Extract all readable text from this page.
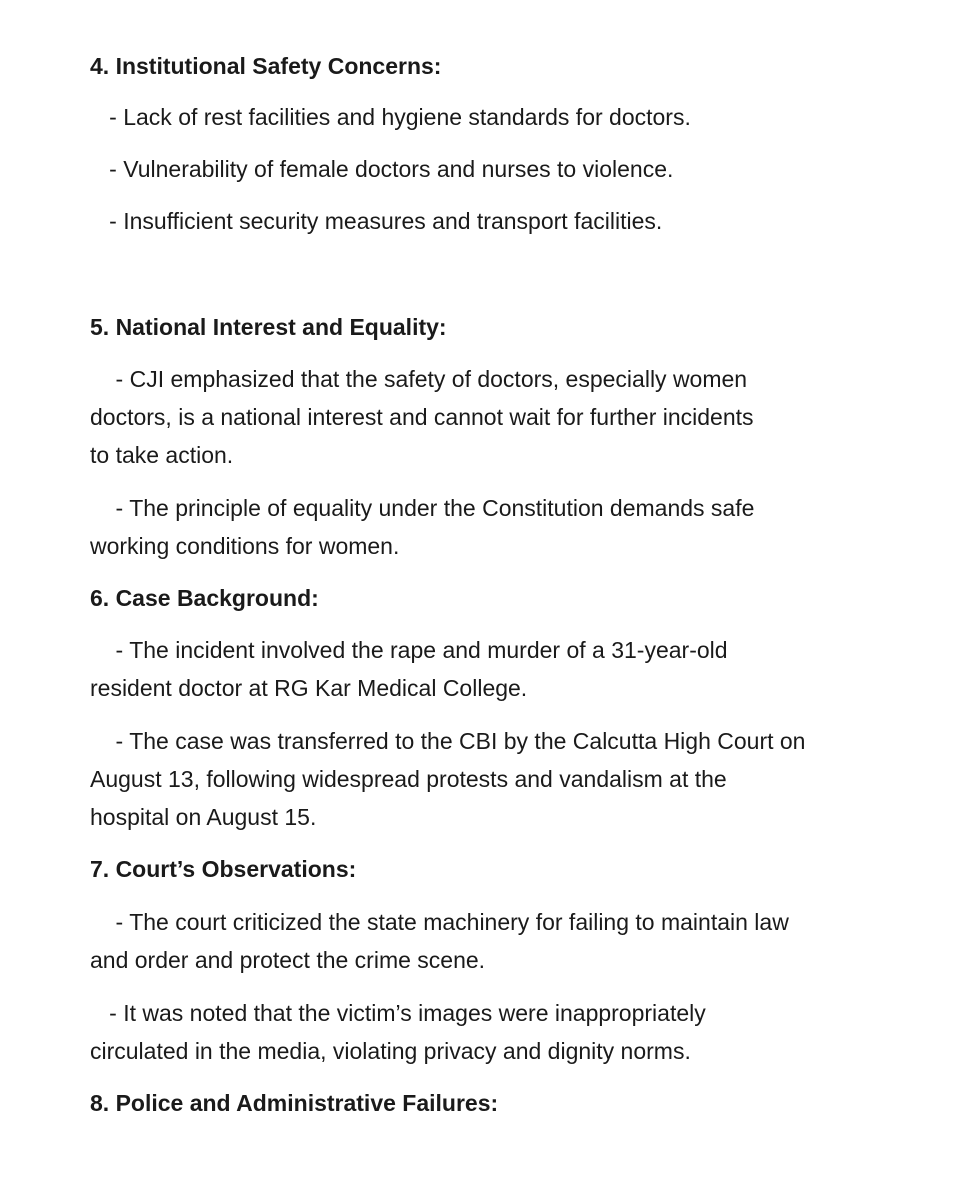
4. Institutional Safety Concerns:
- Lack of rest facilities and hygiene standards for doctors.
- Vulnerability of female doctors and nurses to violence.
- Insufficient security measures and transport facilities.
5. National Interest and Equality:
- CJI emphasized that the safety of doctors, especially women
doctors, is a national interest and cannot wait for further incidents
to take action.
- The principle of equality under the Constitution demands safe
working conditions for women.
6. Case Background:
- The incident involved the rape and murder of a 31-year-old
resident doctor at RG Kar Medical College.
- The case was transferred to the CBI by the Calcutta High Court on
August 13, following widespread protests and vandalism at the
hospital on August 15.
7. Court’s Observations:
- The court criticized the state machinery for failing to maintain law
and order and protect the crime scene.
- It was noted that the victim’s images were inappropriately
circulated in the media, violating privacy and dignity norms.
8. Police and Administrative Failures:
